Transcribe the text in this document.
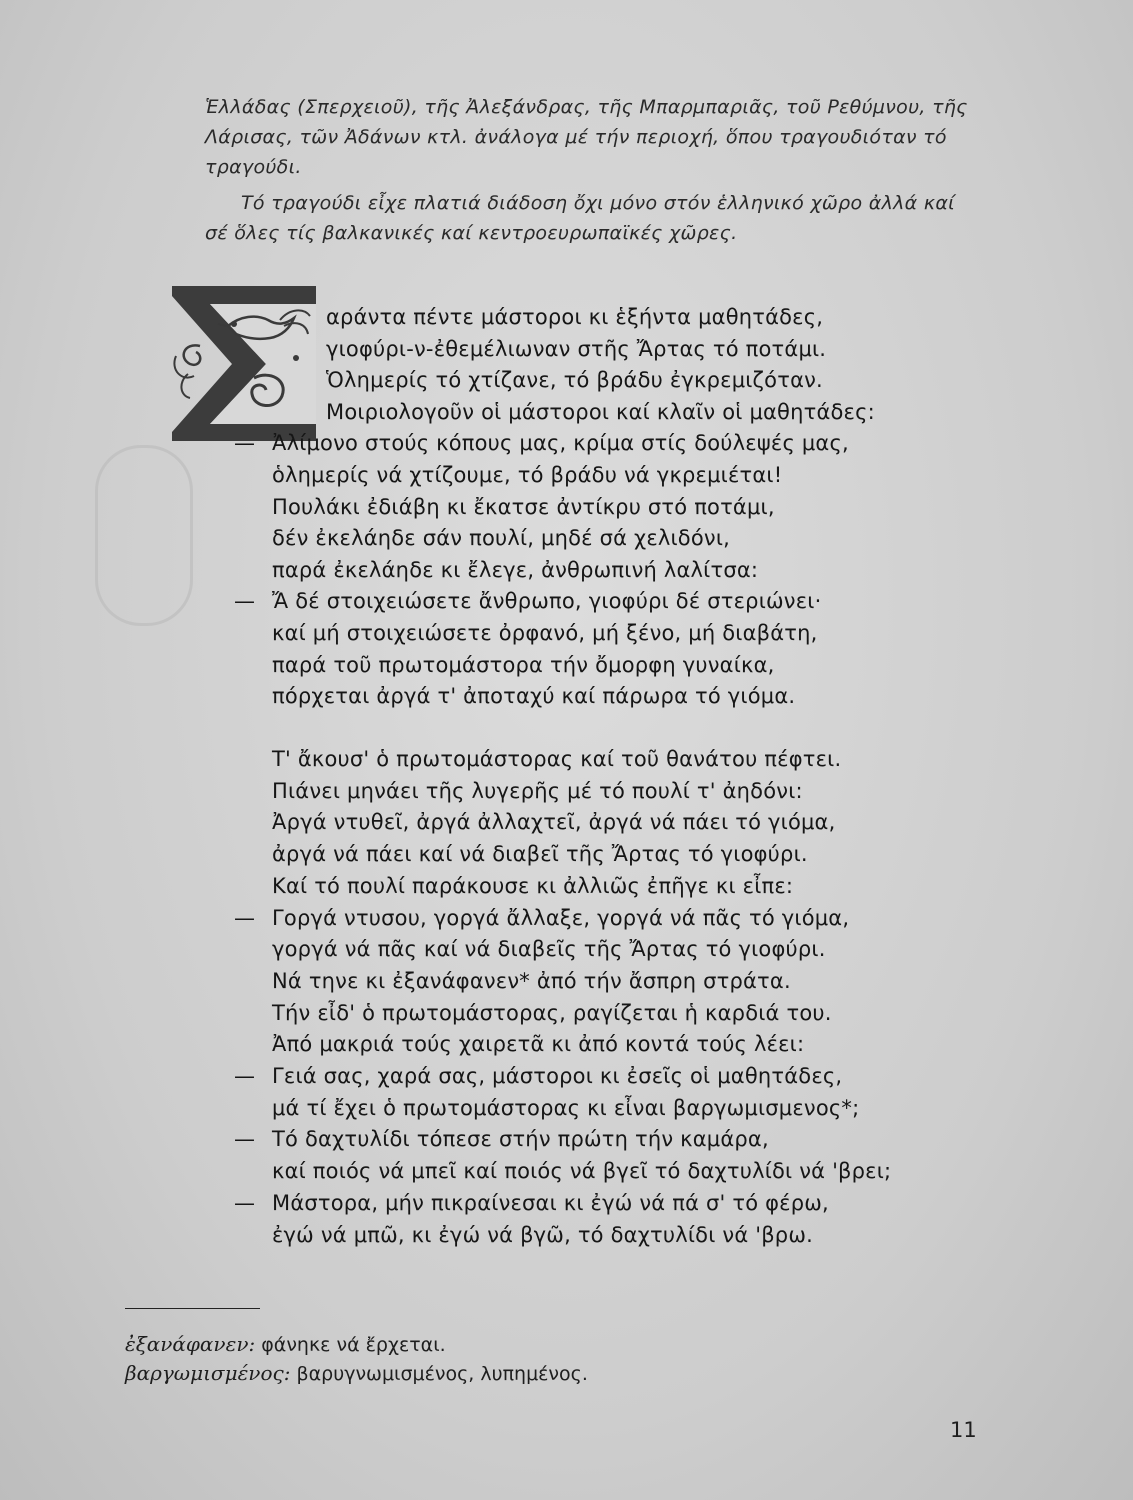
Ἑλλάδας (Σπερχειοῦ), τῆς Ἀλεξάνδρας, τῆς Μπαρμπαριᾶς, τοῦ Ρεθύμνου, τῆς Λάρισας, τῶν Ἀδάνων κτλ. ἀνάλογα μέ τήν περιοχή, ὅπου τραγουδιόταν τό τραγούδι.

Τό τραγούδι εἶχε πλατιά διάδοση ὄχι μόνο στόν ἑλληνικό χῶρο ἀλλά καί σέ ὅλες τίς βαλκανικές καί κεντροευρωπαϊκές χῶρες.

αράντα πέντε μάστοροι κι ἑξήντα μαθητάδες,
γιοφύρι-ν-ἐθεμέλιωναν στῆς Ἄρτας τό ποτάμι.
Ὁλημερίς τό χτίζανε, τό βράδυ ἐγκρεμιζόταν.
Μοιριολογοῦν οἱ μάστοροι καί κλαῖν οἱ μαθητάδες:
— Ἀλίμονο στούς κόπους μας, κρίμα στίς δούλεψές μας,
ὁλημερίς νά χτίζουμε, τό βράδυ νά γκρεμιέται!
Πουλάκι ἐδιάβη κι ἔκατσε ἀντίκρυ στό ποτάμι,
δέν ἐκελάηδε σάν πουλί, μηδέ σά χελιδόνι,
παρά ἐκελάηδε κι ἔλεγε, ἀνθρωπινή λαλίτσα:
— Ἄ δέ στοιχειώσετε ἄνθρωπο, γιοφύρι δέ στεριώνει·
καί μή στοιχειώσετε ὀρφανό, μή ξένο, μή διαβάτη,
παρά τοῦ πρωτομάστορα τήν ὄμορφη γυναίκα,
πόρχεται ἀργά τ' ἀποταχύ καί πάρωρα τό γιόμα.
Τ' ἄκουσ' ὁ πρωτομάστορας καί τοῦ θανάτου πέφτει.
Πιάνει μηνάει τῆς λυγερῆς μέ τό πουλί τ' ἀηδόνι:
Ἀργά ντυθεῖ, ἀργά ἀλλαχτεῖ, ἀργά νά πάει τό γιόμα,
ἀργά νά πάει καί νά διαβεῖ τῆς Ἄρτας τό γιοφύρι.
Καί τό πουλί παράκουσε κι ἀλλιῶς ἐπῆγε κι εἶπε:
— Γοργά ντυσου, γοργά ἄλλαξε, γοργά νά πᾶς τό γιόμα,
γοργά νά πᾶς καί νά διαβεῖς τῆς Ἄρτας τό γιοφύρι.
Νά τηνε κι ἐξανάφανεν* ἀπό τήν ἄσπρη στράτα.
Τήν εἶδ' ὁ πρωτομάστορας, ραγίζεται ἡ καρδιά του.
Ἀπό μακριά τούς χαιρετᾶ κι ἀπό κοντά τούς λέει:
— Γειά σας, χαρά σας, μάστοροι κι ἐσεῖς οἱ μαθητάδες,
μά τί ἔχει ὁ πρωτομάστορας κι εἶναι βαργωμισμενος*;
— Τό δαχτυλίδι τόπεσε στήν πρώτη τήν καμάρα,
καί ποιός νά μπεῖ καί ποιός νά βγεῖ τό δαχτυλίδι νά 'βρει;
— Μάστορα, μήν πικραίνεσαι κι ἐγώ νά πά σ' τό φέρω,
ἐγώ νά μπῶ, κι ἐγώ νά βγῶ, τό δαχτυλίδι νά 'βρω.
ἐξανάφανεν: φάνηκε νά ἔρχεται.
βαργωμισμένος: βαρυγνωμισμένος, λυπημένος.
11
